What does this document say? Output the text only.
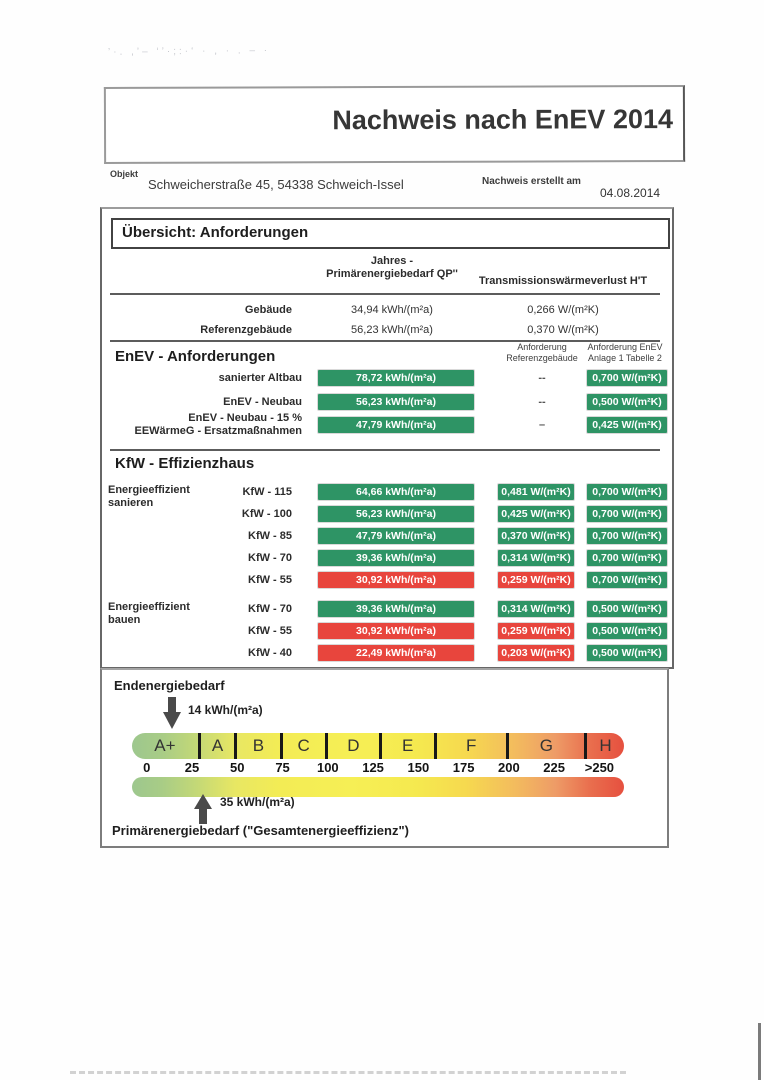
’·. ,’– ‘’·;:·‘ · , · . – ·
Nachweis nach EnEV 2014
Objekt
Schweicherstraße 45, 54338 Schweich-Issel	Nachweis erstellt am
04.08.2014
Übersicht: Anforderungen
Jahres -
Primärenergiebedarf QP''
Transmissionswärmeverlust H'T
Gebäude	34,94 kWh/(m²a)	0,266 W/(m²K)
Referenzgebäude	56,23 kWh/(m²a)	0,370 W/(m²K)
EnEV - Anforderungen
Anforderung
Referenzgebäude
Anforderung EnEV
Anlage 1 Tabelle 2
sanierter Altbau	78,72 kWh/(m²a)	--	0,700 W/(m²K)
EnEV - Neubau	56,23 kWh/(m²a)	--	0,500 W/(m²K)
EnEV - Neubau - 15 %
EEWärmeG - Ersatzmaßnahmen	47,79 kWh/(m²a)	–	0,425 W/(m²K)
KfW - Effizienzhaus
Energieeffizient
sanieren
KfW - 115	64,66 kWh/(m²a)	0,481 W/(m²K)	0,700 W/(m²K)
KfW - 100	56,23 kWh/(m²a)	0,425 W/(m²K)	0,700 W/(m²K)
KfW - 85	47,79 kWh/(m²a)	0,370 W/(m²K)	0,700 W/(m²K)
KfW - 70	39,36 kWh/(m²a)	0,314 W/(m²K)	0,700 W/(m²K)
KfW - 55	30,92 kWh/(m²a)	0,259 W/(m²K)	0,700 W/(m²K)
Energieeffizient
bauen
KfW - 70	39,36 kWh/(m²a)	0,314 W/(m²K)	0,500 W/(m²K)
KfW - 55	30,92 kWh/(m²a)	0,259 W/(m²K)	0,500 W/(m²K)
KfW - 40	22,49 kWh/(m²a)	0,203 W/(m²K)	0,500 W/(m²K)
Endenergiebedarf
14 kWh/(m²a)
A+	A	B	C	D	E	F	G	H
0	25 50 75 100 125 150 175 200 225 >250
35 kWh/(m²a)
Primärenergiebedarf ("Gesamtenergieeffizienz")
